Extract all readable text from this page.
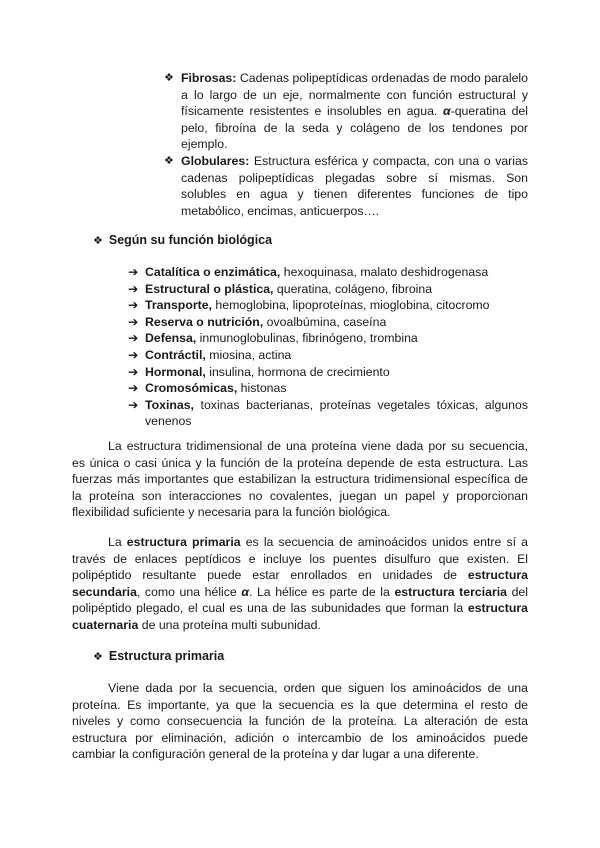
❖ Fibrosas: Cadenas polipeptídicas ordenadas de modo paralelo a lo largo de un eje, normalmente con función estructural y físicamente resistentes e insolubles en agua. α-queratina del pelo, fibroína de la seda y colágeno de los tendones por ejemplo.
❖ Globulares: Estructura esférica y compacta, con una o varias cadenas polipeptídicas plegadas sobre sí mismas. Son solubles en agua y tienen diferentes funciones de tipo metabólico, encimas, anticuerpos….
❖ Según su función biológica
➔ Catalítica o enzimática, hexoquinasa, malato deshidrogenasa
➔ Estructural o plástica, queratina, colágeno, fibroina
➔ Transporte, hemoglobina, lipoproteínas, mioglobina, citocromo
➔ Reserva o nutrición, ovoalbúmina, caseína
➔ Defensa, inmunoglobulinas, fibrinógeno, trombina
➔ Contráctil, miosina, actina
➔ Hormonal, insulina, hormona de crecimiento
➔ Cromosómicas, histonas
➔ Toxinas, toxinas bacterianas, proteínas vegetales tóxicas, algunos venenos
La estructura tridimensional de una proteína viene dada por su secuencia, es única o casi única y la función de la proteína depende de esta estructura. Las fuerzas más importantes que estabilizan la estructura tridimensional específica de la proteína son interacciones no covalentes, juegan un papel y proporcionan flexibilidad suficiente y necesaria para la función biológica.
La estructura primaria es la secuencia de aminoácidos unidos entre sí a través de enlaces peptídicos e incluye los puentes disulfuro que existen. El polipéptido resultante puede estar enrollados en unidades de estructura secundaria, como una hélice α. La hélice es parte de la estructura terciaria del polipéptido plegado, el cual es una de las subunidades que forman la estructura cuaternaria de una proteína multi subunidad.
❖ Estructura primaria
Viene dada por la secuencia, orden que siguen los aminoácidos de una proteína. Es importante, ya que la secuencia es la que determina el resto de niveles y como consecuencia la función de la proteína. La alteración de esta estructura por eliminación, adición o intercambio de los aminoácidos puede cambiar la configuración general de la proteína y dar lugar a una diferente.
